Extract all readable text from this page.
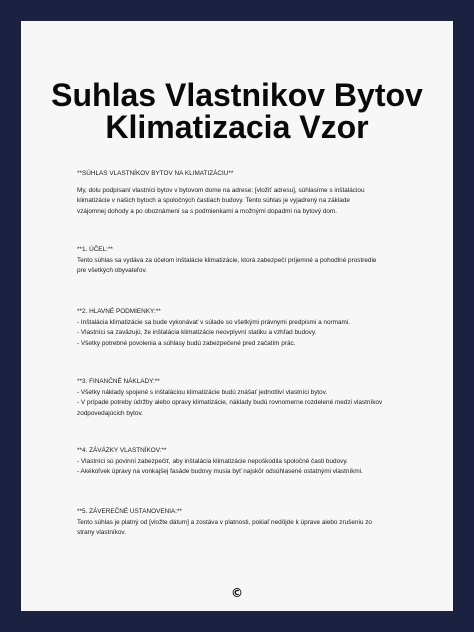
Suhlas Vlastnikov Bytov
Klimatizacia Vzor
**SÚHLAS VLASTNÍKOV BYTOV NA KLIMATIZÁCIU**
My, dolu podpísaní vlastníci bytov v bytovom dome na adrese: [vložiť adresu], súhlasíme s inštaláciou
klimatizácie v našich bytoch a spoločných častiach budovy. Tento súhlas je vyjadrený na základe
vzájomnej dohody a po oboznámení sa s podmienkami a možnými dopadmi na bytový dom.
**1. ÚČEL:**
Tento súhlas sa vydáva za účelom inštalácie klimatizácie, ktorá zabezpečí príjemné a pohodlné prostredie
pre všetkých obyvateľov.
**2. HLAVNÉ PODMIENKY:**
- Inštalácia klimatizácie sa bude vykonávať v súlade so všetkými právnymi predpismi a normami.
- Vlastníci sa zaväzujú, že inštalácia klimatizácie neovplyvní statiku a vzhľad budovy.
- Všetky potrebné povolenia a súhlasy budú zabezpečené pred začatím prác.
**3. FINANČNÉ NÁKLADY:**
- Všetky náklady spojené s inštaláciou klimatizácie budú znášať jednotliví vlastníci bytov.
- V prípade potreby údržby alebo opravy klimatizácie, náklady budú rovnomerne rozdelené medzi vlastníkov
zodpovedajúcich bytov.
**4. ZÁVÄZKY VLASTNÍKOV:**
- Vlastníci sú povinní zabezpečiť, aby inštalácia klimatizácie nepoškodila spoločné časti budovy.
- Akékoľvek úpravy na vonkajšej fasáde budovy musia byť najskôr odsúhlasené ostatnými vlastníkmi.
**5. ZÁVEREČNÉ USTANOVENIA:**
Tento súhlas je platný od [vložte dátum] a zostáva v platnosti, pokiaľ nedôjde k úprave alebo zrušeniu zo
strany vlastníkov.
©
